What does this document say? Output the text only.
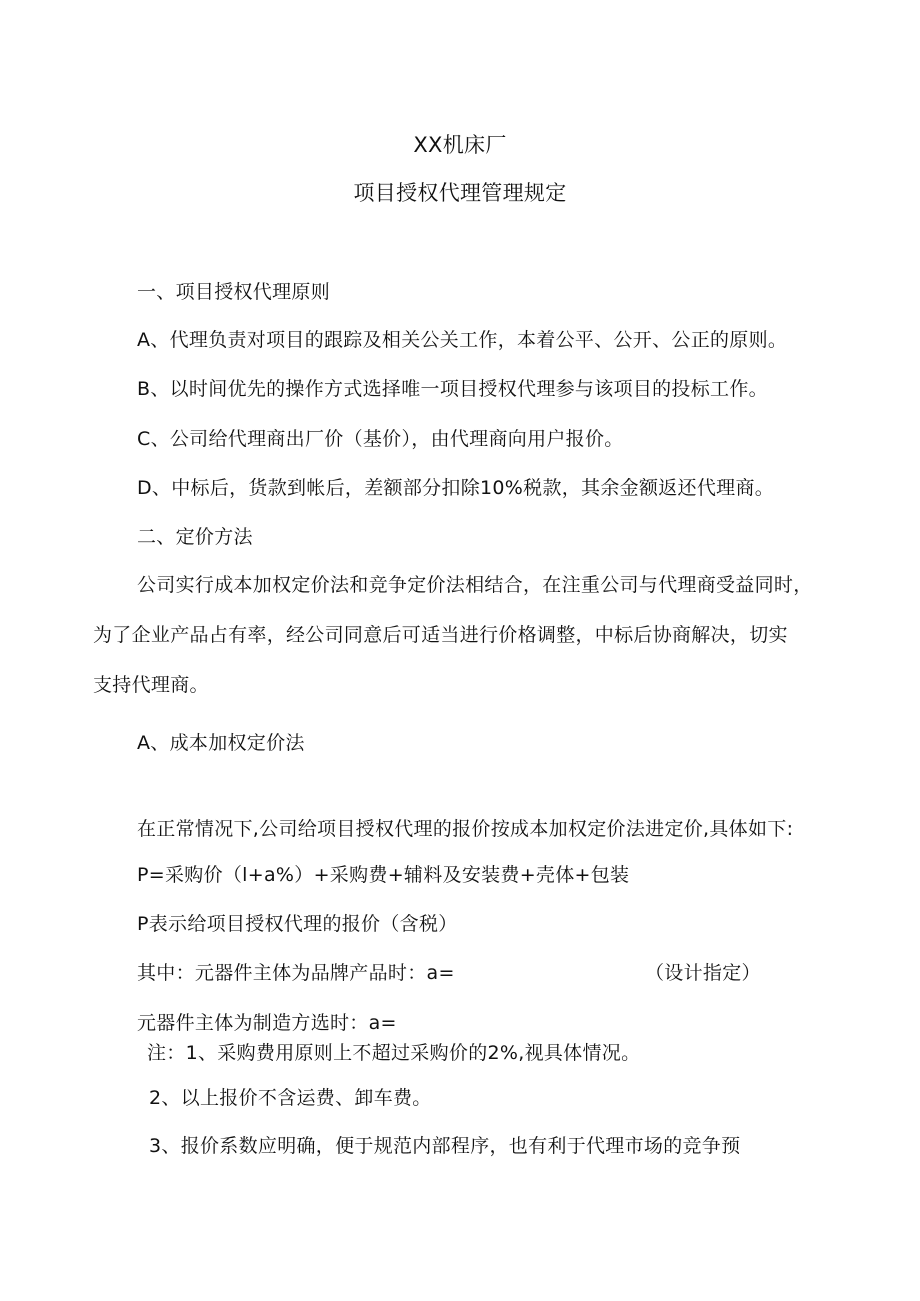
XX机床厂
项目授权代理管理规定
一、项目授权代理原则
A、代理负责对项目的跟踪及相关公关工作，本着公平、公开、公正的原则。
B、以时间优先的操作方式选择唯一项目授权代理参与该项目的投标工作。
C、公司给代理商出厂价（基价），由代理商向用户报价。
D、中标后，货款到帐后，差额部分扣除10%税款，其余金额返还代理商。
二、定价方法
公司实行成本加权定价法和竞争定价法相结合，在注重公司与代理商受益同时，
为了企业产品占有率，经公司同意后可适当进行价格调整，中标后协商解决，切实
支持代理商。
A、成本加权定价法
在正常情况下,公司给项目授权代理的报价按成本加权定价法进定价,具体如下:
P=采购价（l+a%）+采购费+辅料及安装费+壳体+包装
P表示给项目授权代理的报价（含税）
其中：元器件主体为品牌产品时：a=	（设计指定）
元器件主体为制造方选时：a=
注：1、采购费用原则上不超过采购价的2%,视具体情况。
2、以上报价不含运费、卸车费。
3、报价系数应明确，便于规范内部程序，也有利于代理市场的竞争预
